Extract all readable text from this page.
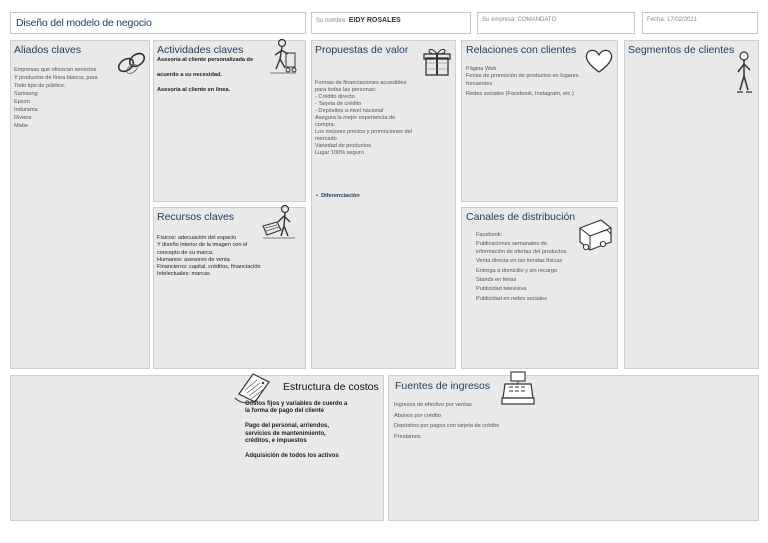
Diseño del modelo de negocio	Su nombre: EIDY ROSALES	Su empresa: COMANDATO	Fecha: 17/02/2021
Aliados claves
Empresas que ofrezcan servicios
Y productos de línea blanca, para
Todo tipo de público.
Samsung
Epson
Indurama
Riviera
Mabe
Actividades claves
Asesoría al cliente personalizada de

acuerdo a su necesidad.

Asesoría al cliente en línea.
Recursos claves
Físicos: adecuación del espacio
Y diseño interior de la imagen con el
concepto de su marca.
Humanos: asesores de venta
Financieros: capital, créditos, financiación
Intelectuales: marcas
Propuestas de valor
Formas de financiaciones accesibles
para todas las personas:
- Crédito directo
- Tarjeta de crédito
- Depósitos a nivel nacional
Asegura la mejor experiencia de
compra.
Los mejores precios y promociones del
mercado
Variedad de productos
Lugar 100% seguro
•  Diferenciación
Relaciones con clientes
Página Web
Ferias de promoción de productos en lugares
frecuentes
Redes sociales (Facebook, Instagram, etc.)
Canales de distribución
Facebook:
Publicaciones semanales de
información de ofertas del productos
Venta directa en las tiendas físicas
Entrega a domicilio y sin recargo
Stands en ferias
Publicidad televisiva
Publicidad en redes sociales
Segmentos de clientes
Estructura de costos
Costos fijos y variables de cuerdo a
la forma de pago del cliente

Pago del personal, arriendos,
servicios de mantenimiento,
créditos, e impuestos

Adquisición de todos los activos
Fuentes de ingresos
Ingresos de efectivo por ventas
Abonos por crédito
Depósitos por pagos con tarjeta de crédito
Prestamos
